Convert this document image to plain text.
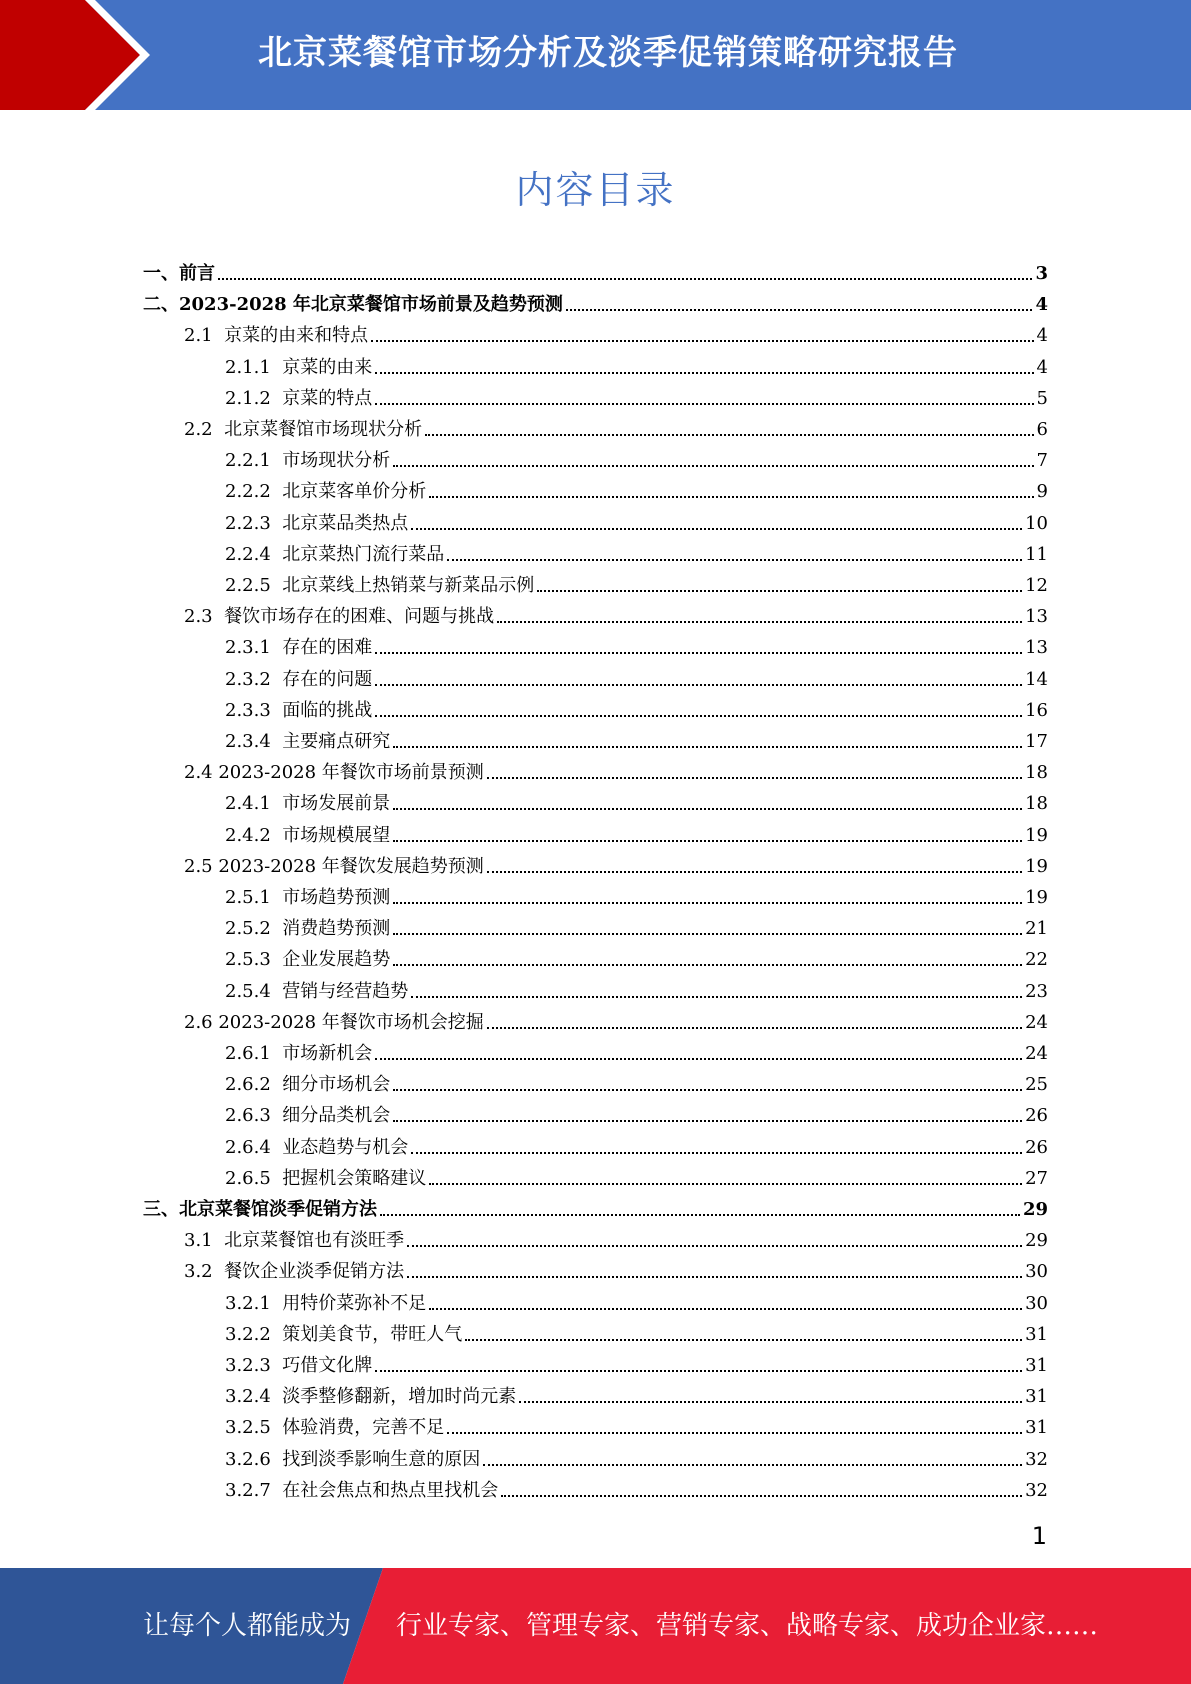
北京菜餐馆市场分析及淡季促销策略研究报告
内容目录
一、 前言	3
二、 2023-2028 年北京菜餐馆市场前景及趋势预测	4
2.1 京菜的由来和特点	4
2.1.1 京菜的由来	4
2.1.2 京菜的特点	5
2.2 北京菜餐馆市场现状分析	6
2.2.1 市场现状分析	7
2.2.2 北京菜客单价分析	9
2.2.3 北京菜品类热点	10
2.2.4 北京菜热门流行菜品	11
2.2.5 北京菜线上热销菜与新菜品示例	12
2.3 餐饮市场存在的困难、问题与挑战	13
2.3.1 存在的困难	13
2.3.2 存在的问题	14
2.3.3 面临的挑战	16
2.3.4 主要痛点研究	17
2.4 2023-2028 年餐饮市场前景预测	18
2.4.1 市场发展前景	18
2.4.2 市场规模展望	19
2.5 2023-2028 年餐饮发展趋势预测	19
2.5.1 市场趋势预测	19
2.5.2 消费趋势预测	21
2.5.3 企业发展趋势	22
2.5.4 营销与经营趋势	23
2.6 2023-2028 年餐饮市场机会挖掘	24
2.6.1 市场新机会	24
2.6.2 细分市场机会	25
2.6.3 细分品类机会	26
2.6.4 业态趋势与机会	26
2.6.5 把握机会策略建议	27
三、 北京菜餐馆淡季促销方法	29
3.1 北京菜餐馆也有淡旺季	29
3.2 餐饮企业淡季促销方法	30
3.2.1 用特价菜弥补不足	30
3.2.2 策划美食节，带旺人气	31
3.2.3 巧借文化牌	31
3.2.4 淡季整修翻新，增加时尚元素	31
3.2.5 体验消费，完善不足	31
3.2.6 找到淡季影响生意的原因	32
3.2.7 在社会焦点和热点里找机会	32
1
让每个人都能成为 行业专家、管理专家、营销专家、战略专家、成功企业家……
